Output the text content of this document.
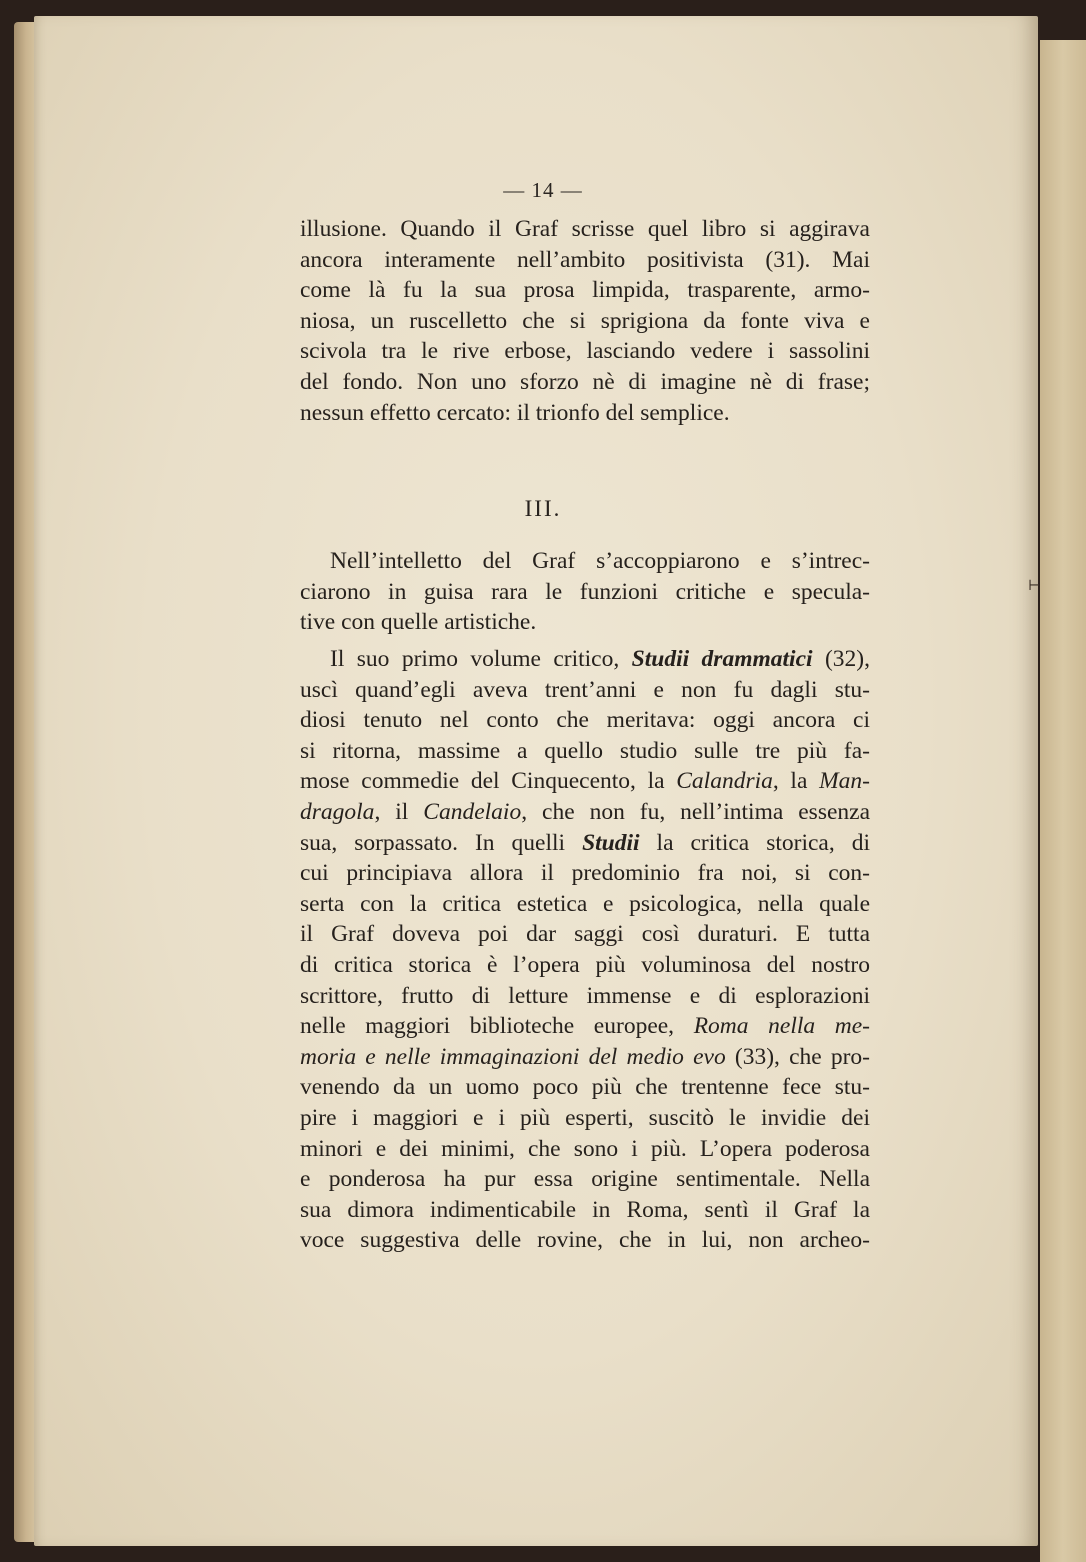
— 14 —
illusione. Quando il Graf scrisse quel libro si aggirava
ancora interamente nell’ambito positivista (31). Mai
come là fu la sua prosa limpida, trasparente, armo-
niosa, un ruscelletto che si sprigiona da fonte viva e
scivola tra le rive erbose, lasciando vedere i sassolini
del fondo. Non uno sforzo nè di imagine nè di frase;
nessun effetto cercato: il trionfo del semplice.
III.
Nell’intelletto del Graf s’accoppiarono e s’intrec-
ciarono in guisa rara le funzioni critiche e specula-
tive con quelle artistiche.
Il suo primo volume critico, Studii drammatici (32),
uscì quand’egli aveva trent’anni e non fu dagli stu-
diosi tenuto nel conto che meritava: oggi ancora ci
si ritorna, massime a quello studio sulle tre più fa-
mose commedie del Cinquecento, la Calandria, la Man-
dragola, il Candelaio, che non fu, nell’intima essenza
sua, sorpassato. In quelli Studii la critica storica, di
cui principiava allora il predominio fra noi, si con-
serta con la critica estetica e psicologica, nella quale
il Graf doveva poi dar saggi così duraturi. E tutta
di critica storica è l’opera più voluminosa del nostro
scrittore, frutto di letture immense e di esplorazioni
nelle maggiori biblioteche europee, Roma nella me-
moria e nelle immaginazioni del medio evo (33), che pro-
venendo da un uomo poco più che trentenne fece stu-
pire i maggiori e i più esperti, suscitò le invidie dei
minori e dei minimi, che sono i più. L’opera poderosa
e ponderosa ha pur essa origine sentimentale. Nella
sua dimora indimenticabile in Roma, sentì il Graf la
voce suggestiva delle rovine, che in lui, non archeo-
⊢
